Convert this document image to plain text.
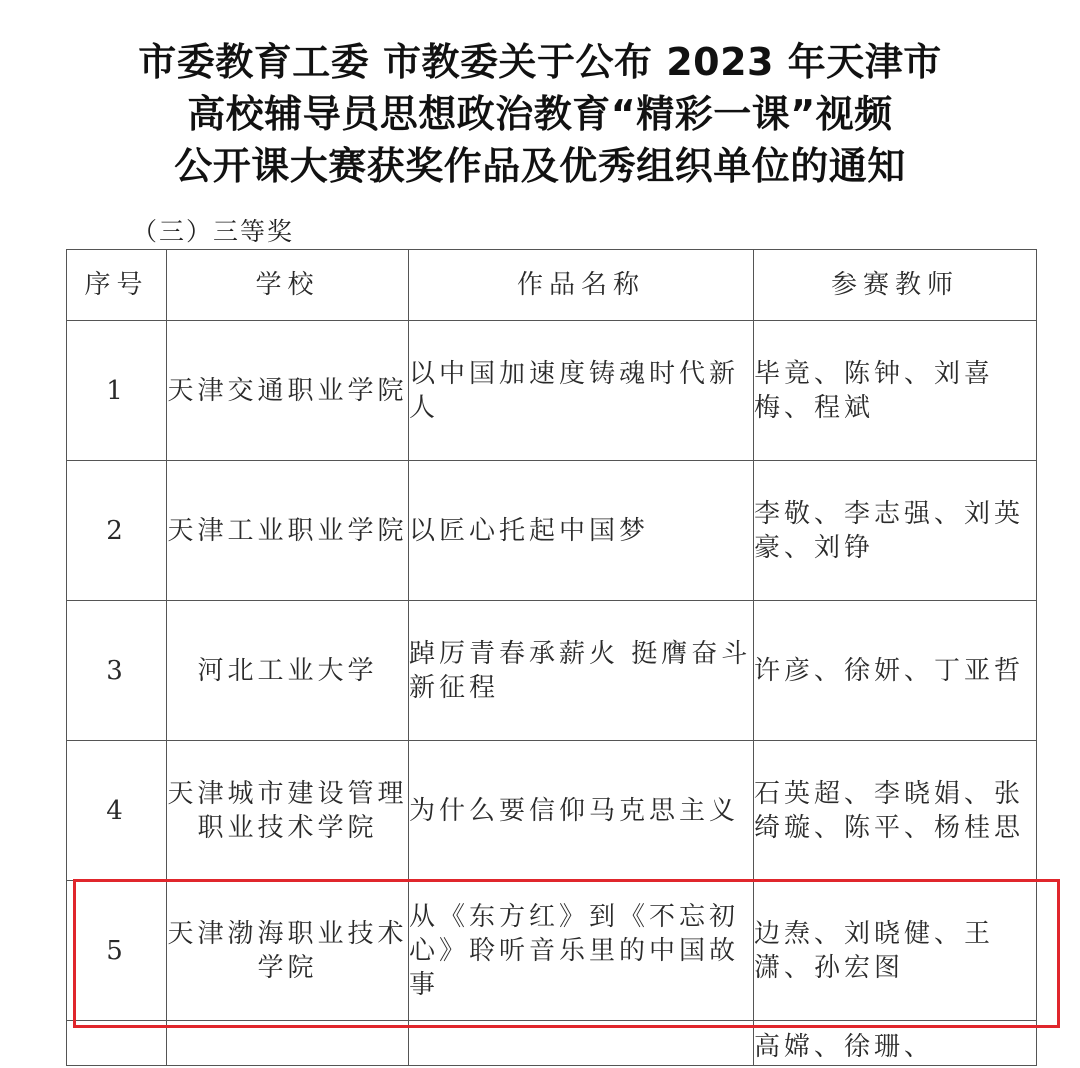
市委教育工委 市教委关于公布 2023 年天津市
高校辅导员思想政治教育“精彩一课”视频
公开课大赛获奖作品及优秀组织单位的通知
（三）三等奖
序号	学校	作品名称	参赛教师
1	天津交通职业学院	以中国加速度铸魂时代新人	毕竟、陈钟、刘喜梅、程斌
2	天津工业职业学院	以匠心托起中国梦	李敬、李志强、刘英豪、刘铮
3	河北工业大学	踔厉青春承薪火 挺膺奋斗新征程	许彦、徐妍、丁亚哲
4	天津城市建设管理职业技术学院	为什么要信仰马克思主义	石英超、李晓娟、张绮璇、陈平、杨桂思
5	天津渤海职业技术学院	从《东方红》到《不忘初心》聆听音乐里的中国故事	边焘、刘晓健、王潇、孙宏图
			高嫦、徐珊、
